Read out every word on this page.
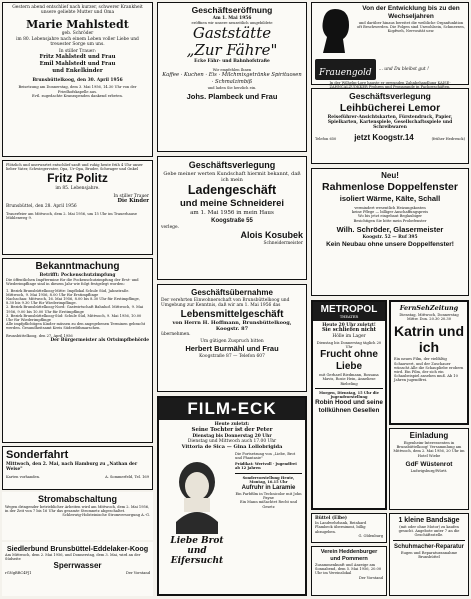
Gestern abend entschlief nach kurzer, schwerer Krankheit unsere geliebte Mutter und Oma

Marie Mahlstedt

geb. Schröder

im 80. Lebensjahre nach einem Leben voller Liebe und treuester Sorge um uns.

In stiller Trauer:

Fritz Mahlstedt und Frau

Emil Mahlstedt und Frau

und Enkelkinder

Brunsbüttelkoog, den 30. April 1956

Beisetzung am Donnerstag, dem 3. Mai 1956, 14.30 Uhr von der Friedhofskapelle aus.

Evtl. zugedachte Kranzspenden dankend erbeten.

Plötzlich und unerwartet entschlief sanft und ruhig heute früh 4 Uhr unser lieber Vater, Schwiegervater, Opa, Ur-Opa, Bruder, Schwager und Onkel

Fritz Politz

im 85. Lebensjahre.

In stiller Trauer

Die Kinder

Brunsbüttel, den 28. April 1956

Trauerfeier am Mittwoch, dem 2. Mai 1956, um 15 Uhr im Trauerhause Mühlenweg 9.

Bekanntmachung

Betrifft: Pockenschutzimpfung

Die öffentlichen Impftermine für die Pockenschutzimpfung der Erst- und Wiederimpflinge sind in diesem Jahr wie folgt festgelegt worden:

1. Bezirk Brunsbüttelkoog-Mitte: Impflokal Schule Süd, Jahnstraße. Mittwoch, 9. Mai 1956, 8.00 Uhr für Erstimpflinge

Nachschau: Mittwoch, 16. Mai 1956, 8.00 bis 8.30 Uhr für Erstimpflinge, 8.30 bis 9.30 Uhr für Wiederimpflinge.

2. Bezirk Brunsbüttelkoog-Nord: Gastwirtschaft Bahnhof. Mittwoch, 9. Mai 1956, 9.00 bis 10.00 Uhr für Erstimpflinge

3. Bezirk Brunsbüttelkoog-Süd: Schule Süd, Mittwoch, 9. Mai 1956, 10.00 Uhr für Wiederimpflinge

Alle impfpflichtigen Kinder müssen zu den angegebenen Terminen gebracht werden. Gesundheitsamt Kreis Süderdithmarschen.

Brunsbüttelkoog, den 27. April 1956

Der Bürgermeister als Ortsimpfbehörde

Sonderfahrt

Mittwoch, den 2. Mai, nach Hamburg zu „Nathan der Weise"

Karten vorhanden.	A. Sommerfeld, Tel. 169

Stromabschaltung

Wegen dringender betrieblicher Arbeiten wird am Mittwoch, dem 2. Mai 1956, in der Zeit von 7 bis 16 Uhr das gesamte Stromnetz abgeschaltet.

Schleswig-Holsteinische Stromversorgung A.-G.

Siedlerbund Brunsbüttel-Eddelaker-Koog

Am Mittwoch, dem 2. Mai 1956, und Donnerstag, dem 3. Mai, wird an der Südseite

Sperrwasser

rGNgBRC4PJ1	Der Vorstand

Geschäftseröffnung

Am 1. Mai 1956

eröffnen wir unsere neuzeitlich umgebildete

Gaststätte

„Zur Fähre"

Ecke Fähr- und Bahnhofstraße

Wir empfehlen Ihnen

Kaffee · Kuchen · Eis · Milchmixgetränke Spirituosen · Schmalzimbiß

und laden Sie herzlich ein.

Johs. Plambeck und Frau

Geschäftsverlegung

Gebe meiner werten Kundschaft hiermit bekannt, daß ich mein

Ladengeschäft

und meine Schneiderei

am 1. Mai 1956 in mein Haus

Koogstraße 55

verlege.

Alois Kosubek

Schneidermeister

Geschäftsübernahme

Der verehrten Einwohnerschaft von Brunsbüttelkoog und Umgebung zur Kenntnis, daß wir am 1. Mai 1956 das

Lebensmittelgeschäft

von Herrn H. Hoffmann, Brunsbüttelkoog, Koogstr. 87

übernehmen.

Um gütigen Zuspruch bitten

Herbert Burmähl und Frau

Koogstraße 87 — Telefon 607

FILM-ECK

Heute zuletzt:

Seine Tochter ist der Peter

Dienstag bis Donnerstag 20 Uhr

Dienstag und Mittwoch auch 17.00 Uhr

Vittoria de Sica — Gina Lollobrigida

Liebe Brot und Eifersucht

Die Fortsetzung von „Liebe, Brot und Phantasie"

Prädikat: Wertvoll · Jugendfrei ab 12 Jahren

Sondervorstellung Heute, Montag, 16.15 Uhr

Aufruhr in Laramie

Ein Farbfilm in Technicolor mit John Payne

Ein Mann mißachtet Recht und Gesetz

Von der Entwicklung bis zu den Wechseljahren

und darüber hinaus bereitet die weibliche Organfunktion oft Beschwerden. Die Folgen sind Unwohlsein, Schmerzen, Kopfweh, Nervosität usw.

Frauengold	... und Du bleibst gut !

In der Wilhelm-Lore hauste er gewunden Zahnbehandlung KAISE-

Geschäftsverlegung

Leihbücherei Lemor

Reiseführer-Ansichtskarten, Fürstendruck, Papier, Spielkarten, Kartenspiele, Gesellschaftsspiele und Schreibwaren

Telefon 650 jetzt Koogstr.14	(früher Hedreuck)

Neu!

Rahmenlose Doppelfenster

isoliert Wärme, Kälte, Schall

vermindert wesentlich Heizungskosten

keine Pflege — billiger Anschaffungspreis

Wo bis jetzt eingebaut Beglaubiger

Besichtigen Sie bitte mein Probefenster

Wilh. Schröder, Glasermeister

Koogstr. 52 — Ruf 395

Kein Neubau ohne unsere Doppelfenster!

METROPOL
THEATER

Heute 20 Uhr zuletzt!

Sie schliefen nicht

Hölle im Lager

Dienstag bis Donnerstag täglich 20 Uhr

Frucht ohne Liebe

mit Gerhard Riedmann, Rossana Mavis, Rosie Hein, Anneliese Riebeling

Morgen, Dienstag, 15 Uhr die Jugendvorstellung

Robin Hood und seine tollkühnen Gesellen

FernSehZeitung

Dienstag, Mittwoch, Donnerstag

Mittw. Don. 20.30 20.30

Katrin und ich

Ein neues Film, der vielfältig Schauwert, und der Zuschauer wünscht Alle die Schaupliebe erobern wird. Ein Film, der sich ein Schaubeispiel ansehen muß. Ab 10 Jahren jugendfrei.

Einladung

Eigenheim-Interessenten in Brunsbüttelkoog! Versammlung am Mittwoch, dem 2. Mai 1956, 20 Uhr im Hotel Wiebe

GdF Wüstenrot

Ludwigsburg/Württ.

Büttel (Elbe)

In Landwehrbank, Reinhard Plambeck übernimmt, billig abzugeben.

G. Oldenburg

Verein Heddenburger und Pommern

Zusammenkunft und Anzeige am Sonnabend, dem 5. Mai 1956, 20.00 Uhr im Vereinslokal

Der Vorstand

1 kleine Bandsäge

(mit oder ohne Motor) zu kaufen gesucht. Angebote unter 7 an die Geschäftsstelle.

Schuhmacher-Reparatur

Eugen und Reparaturannahme Brunsbüttel
